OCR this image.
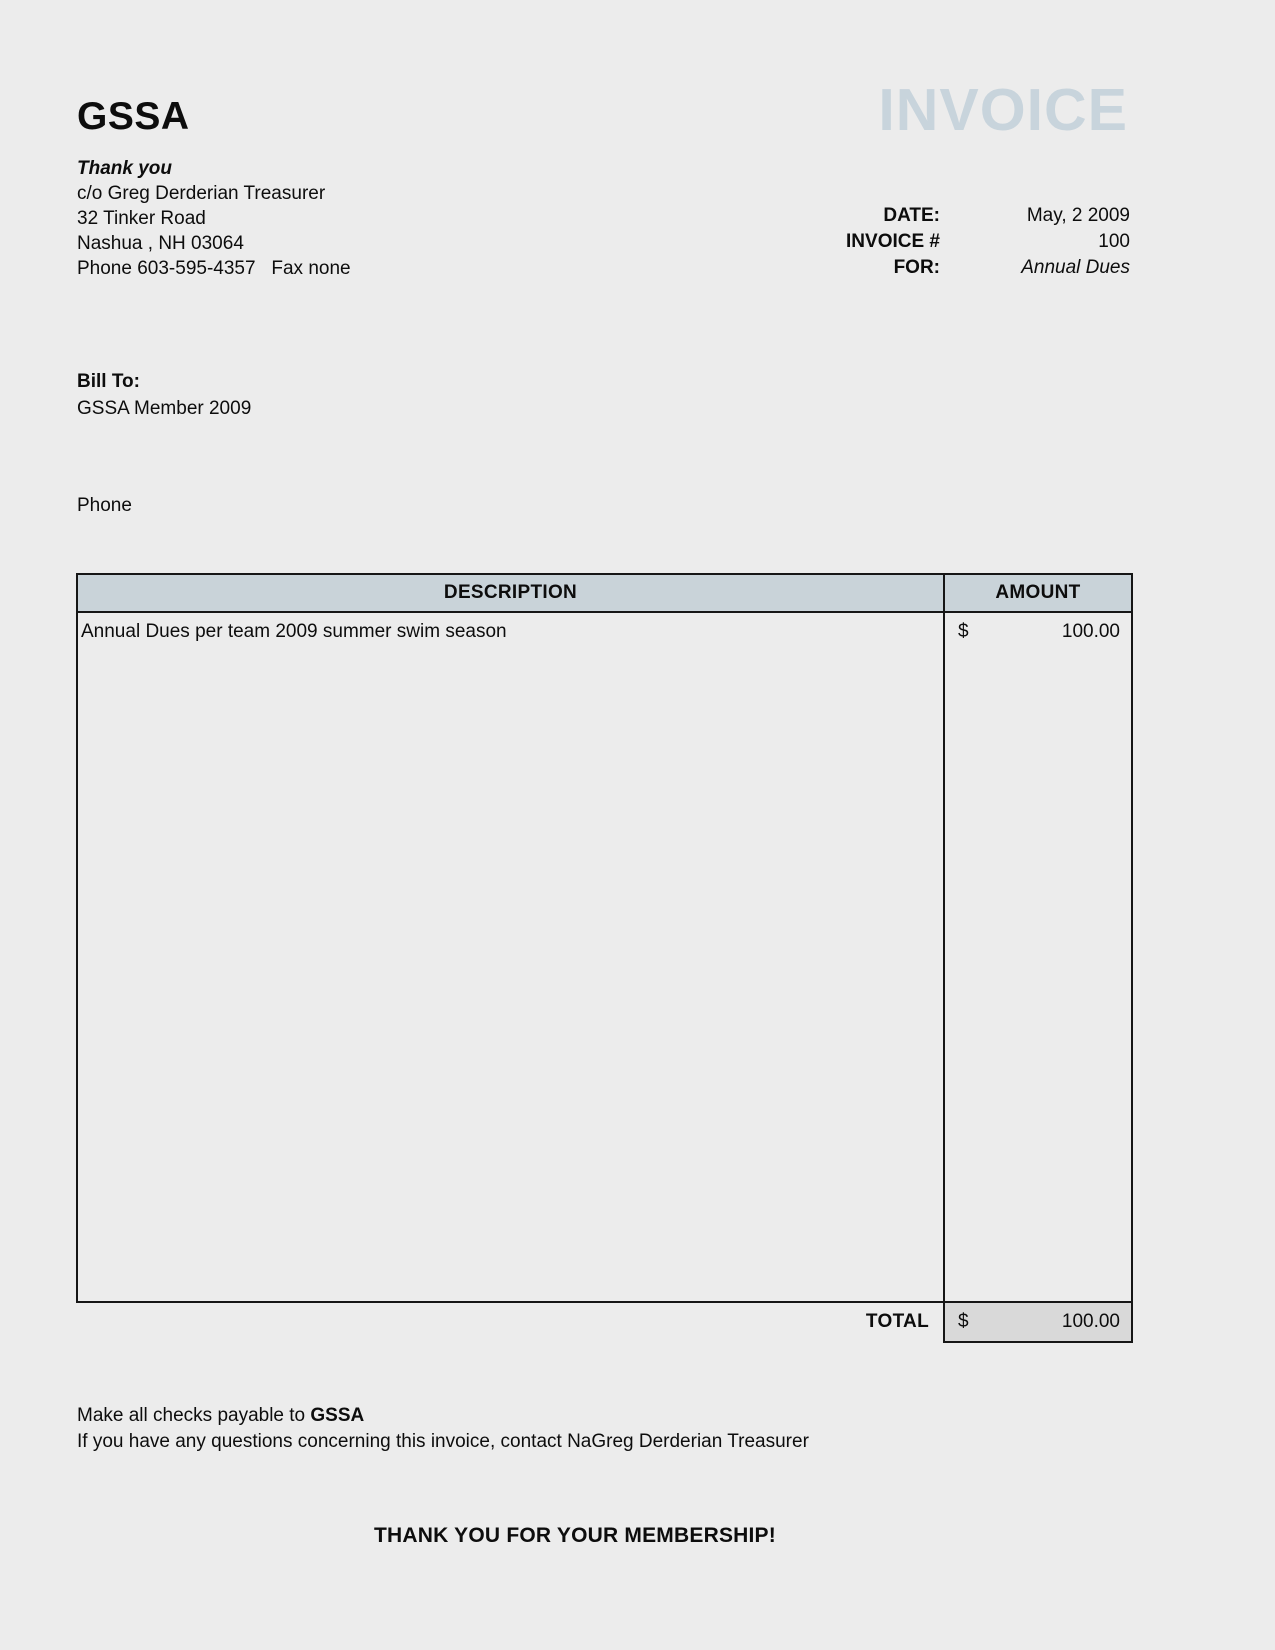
GSSA	INVOICE
Thank you
c/o Greg Derderian Treasurer
32 Tinker Road
Nashua , NH 03064
Phone 603-595-4357   Fax none
DATE:	May, 2 2009
INVOICE #	100
FOR:	Annual Dues
Bill To:
GSSA Member 2009
Phone
DESCRIPTION	AMOUNT
Annual Dues per team 2009 summer swim season	$	100.00
TOTAL	$	100.00
Make all checks payable to GSSA
If you have any questions concerning this invoice, contact NaGreg Derderian Treasurer
THANK YOU FOR YOUR MEMBERSHIP!
